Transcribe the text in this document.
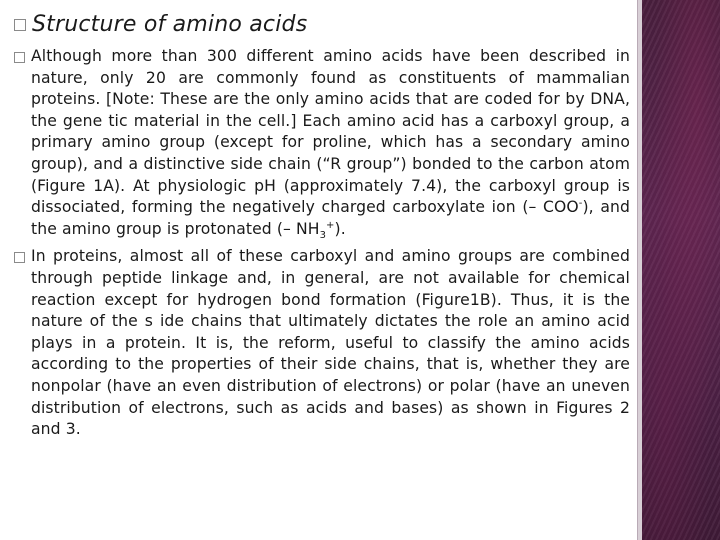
Structure of amino acids
Although more than 300 different amino acids have been described in nature, only 20 are commonly found as constituents of mammalian proteins. [Note: These are the only amino acids that are coded for by DNA, the gene tic material in the cell.] Each amino acid has a carboxyl group, a primary amino group (except for proline, which has a secondary amino group), and a distinctive side chain (“R group”) bonded to the carbon atom (Figure 1A). At physiologic pH (approximately 7.4), the carboxyl group is dissociated, forming the negatively charged carboxylate ion (– COO-), and the amino group is protonated (– $NH_3^+$).
In proteins, almost all of these carboxyl and amino groups are combined through peptide linkage and, in general, are not available for chemical reaction except for hydrogen bond formation (Figure1B). Thus, it is the nature of the s ide chains that ultimately dictates the role an amino acid plays in a protein. It is, the reform, useful to classify the amino acids according to the properties of their side chains, that is, whether they are nonpolar (have an even distribution of electrons) or polar (have an uneven distribution of electrons, such as acids and bases) as shown in Figures 2 and 3.
